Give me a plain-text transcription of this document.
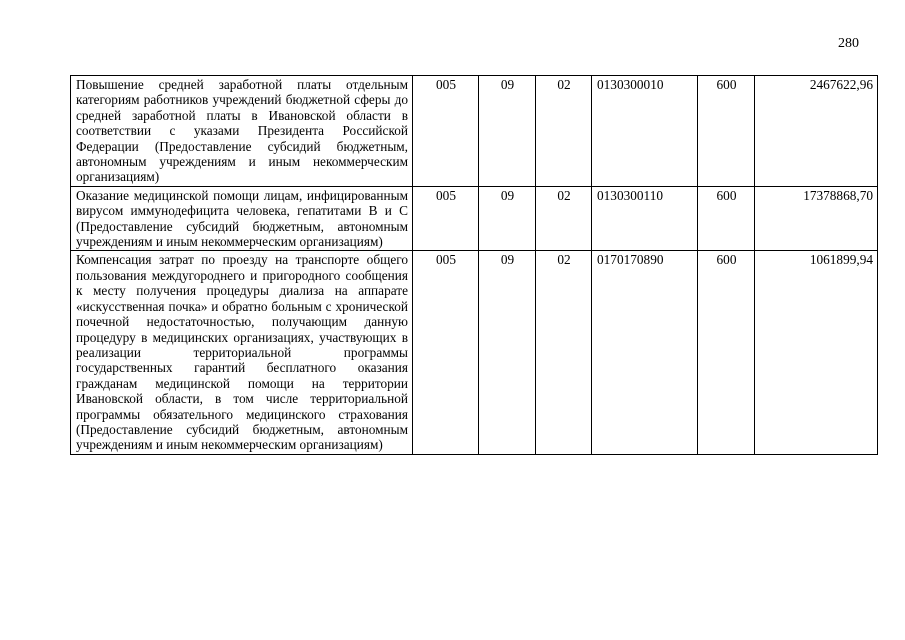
280
Повышение средней заработной платы отдельным категориям работников учреждений бюджетной сферы до средней заработной платы в Ивановской области в соответствии с указами Президента Российской Федерации (Предоставление субсидий бюджетным, автономным учреждениям и иным некоммерческим организациям)	005	09	02	0130300010	600	2467622,96
Оказание медицинской помощи лицам, инфицированным вирусом иммунодефицита человека, гепатитами B и C (Предоставление субсидий бюджетным, автономным учреждениям и иным некоммерческим организациям)	005	09	02	0130300110	600	17378868,70
Компенсация затрат по проезду на транспорте общего пользования междугороднего и пригородного сообщения к месту получения процедуры диализа на аппарате «искусственная почка» и обратно больным с хронической почечной недостаточностью, получающим данную процедуру в медицинских организациях, участвующих в реализации территориальной программы государственных гарантий бесплатного оказания гражданам медицинской помощи на территории Ивановской области, в том числе территориальной программы обязательного медицинского страхования (Предоставление субсидий бюджетным, автономным учреждениям и иным некоммерческим организациям)	005	09	02	0170170890	600	1061899,94
